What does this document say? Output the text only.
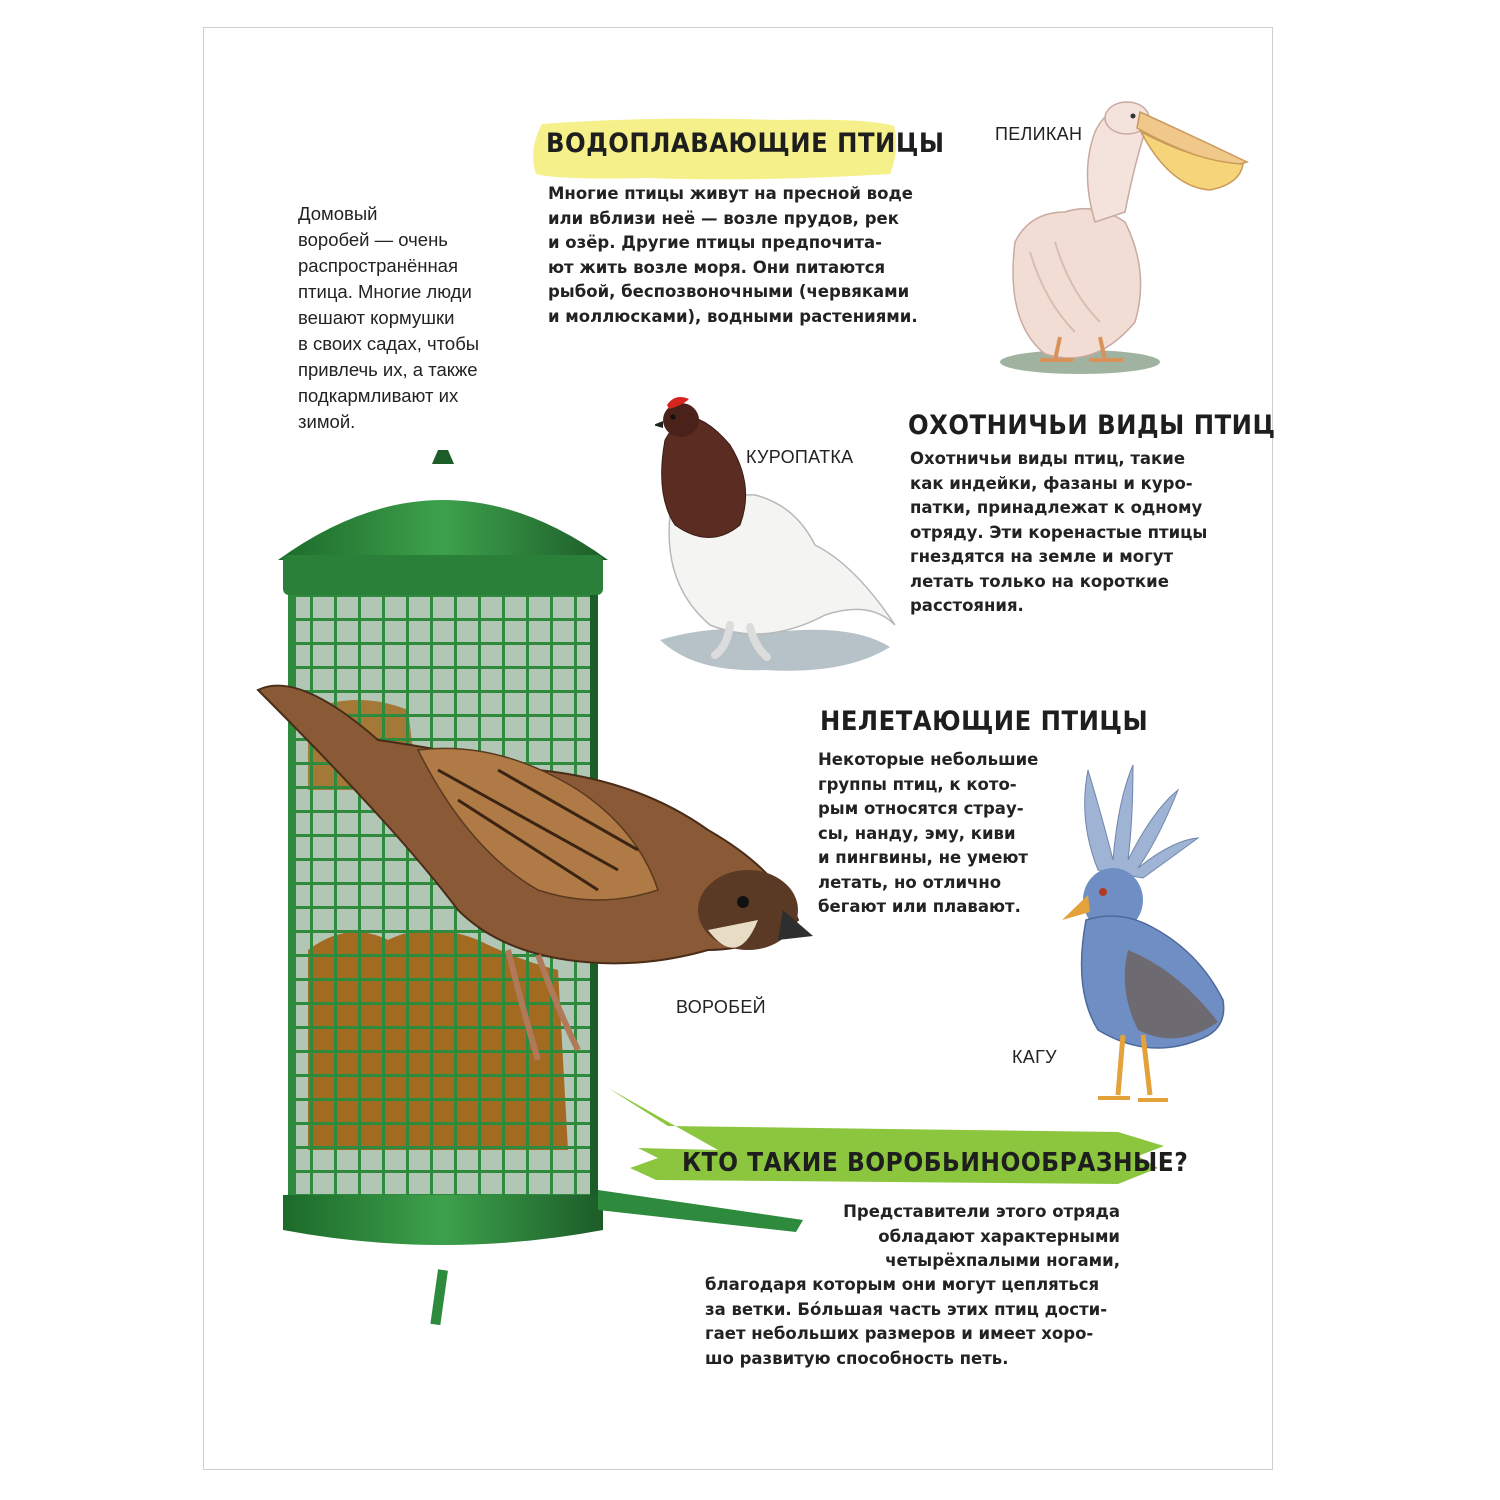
Домовый
воробей — очень
распространённая
птица. Многие люди
вешают кормушки
в своих садах, чтобы
привлечь их, а также
подкармливают их
зимой.
ВОДОПЛАВАЮЩИЕ ПТИЦЫ
Многие птицы живут на пресной воде
или вблизи неё — возле прудов, рек
и озёр. Другие птицы предпочита-
ют жить возле моря. Они питаются
рыбой, беспозвоночными (червяками
и моллюсками), водными растениями.
ПЕЛИКАН
ОХОТНИЧЬИ ВИДЫ ПТИЦ
Охотничьи виды птиц, такие
как индейки, фазаны и куро-
патки, принадлежат к одному
отряду. Эти коренастые птицы
гнездятся на земле и могут
летать только на короткие
расстояния.
КУРОПАТКА
НЕЛЕТАЮЩИЕ ПТИЦЫ
Некоторые небольшие
группы птиц, к кото-
рым относятся страу-
сы, нанду, эму, киви
и пингвины, не умеют
летать, но отлично
бегают или плавают.
КАГУ
ВОРОБЕЙ
КТО ТАКИЕ ВОРОБЬИНООБРАЗНЫЕ?
Представители этого отряда
обладают характерными
четырёхпалыми ногами,
благодаря которым они могут цепляться
за ветки. Бóльшая часть этих птиц дости-
гает небольших размеров и имеет хоро-
шо развитую способность петь.
